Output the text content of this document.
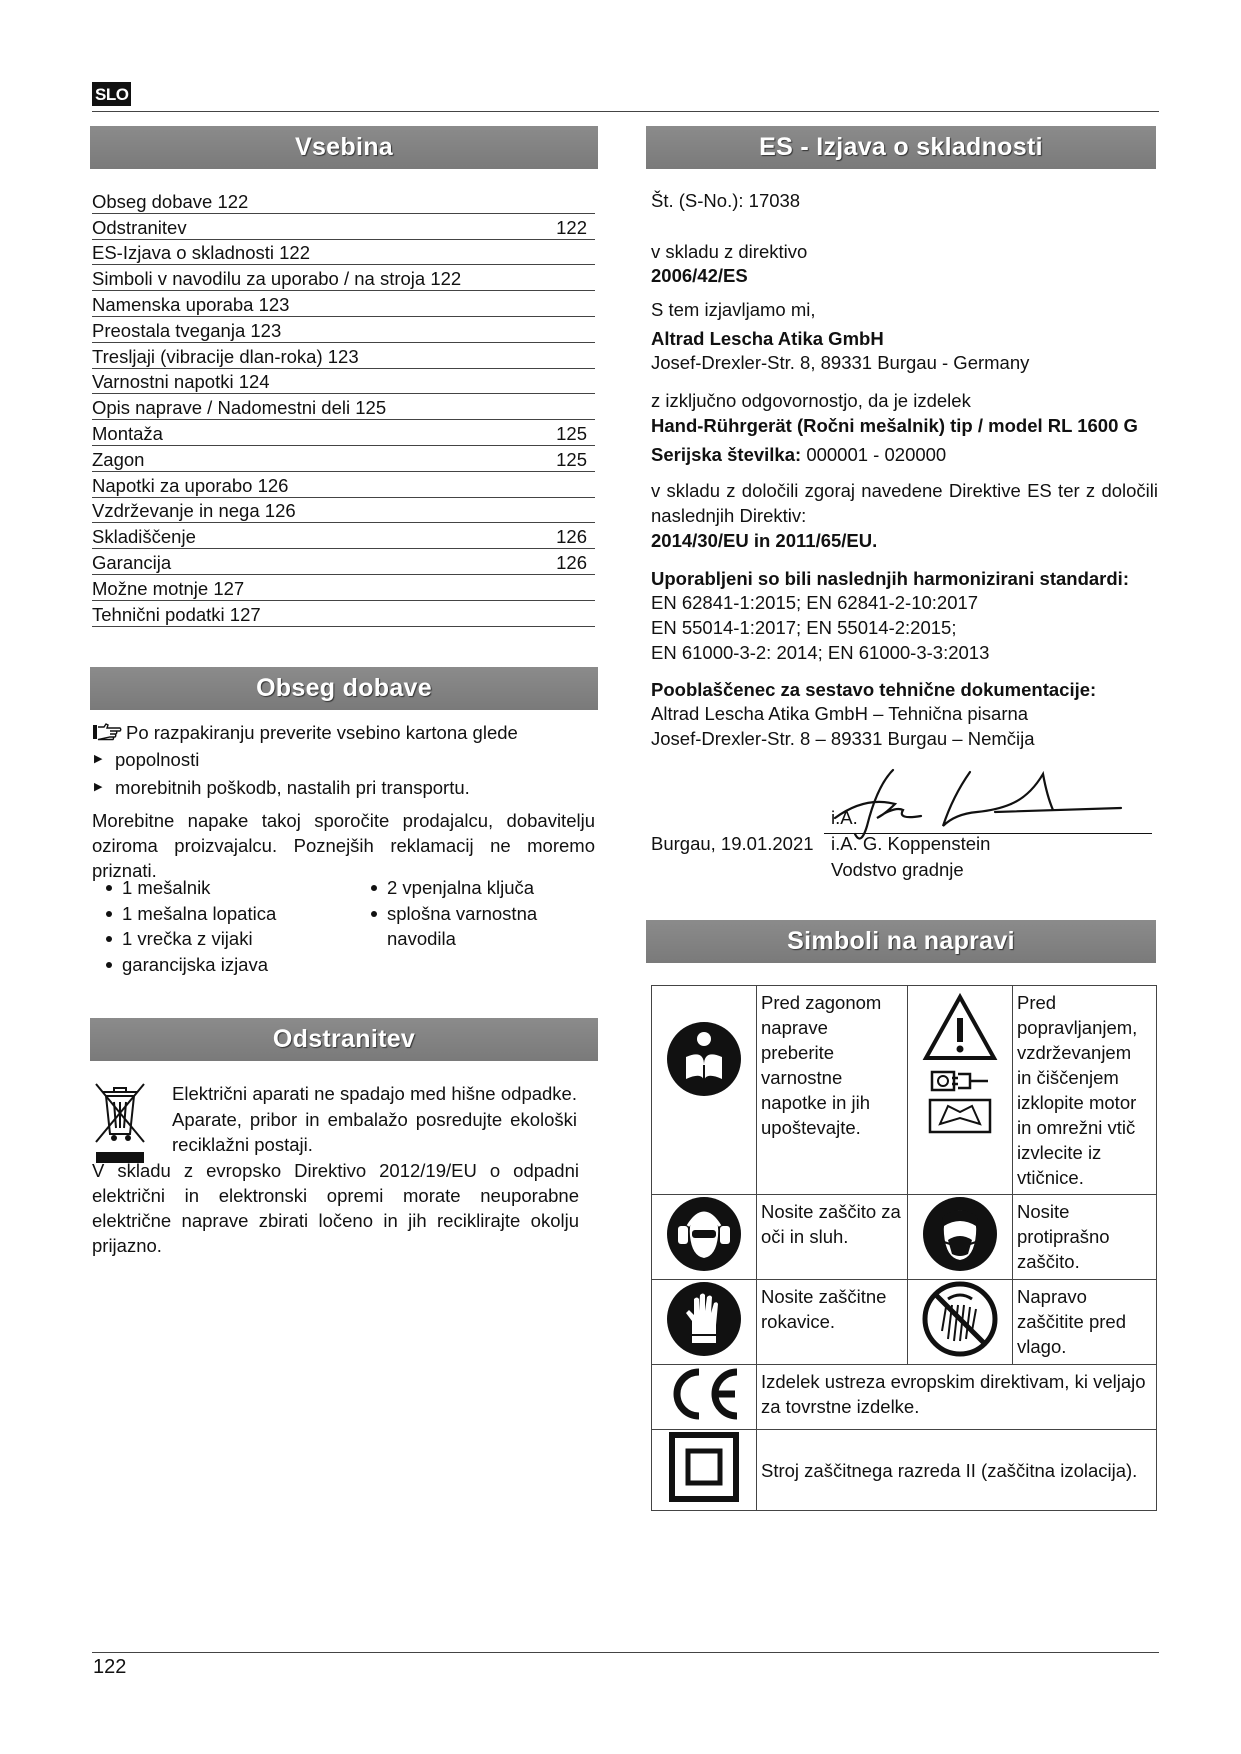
SLO
Vsebina
Obseg dobave 122
Odstranitev	122
ES-Izjava o skladnosti 122
Simboli v navodilu za uporabo / na stroja 122
Namenska uporaba 123
Preostala tveganja 123
Tresljaji (vibracije dlan-roka) 123
Varnostni napotki 124
Opis naprave / Nadomestni deli 125
Montaža	125
Zagon	125
Napotki za uporabo 126
Vzdrževanje in nega 126
Skladiščenje	126
Garancija	126
Možne motnje 127
Tehnični podatki 127
Obseg dobave
Po razpakiranju preverite vsebino kartona glede
▶ popolnosti
▶ morebitnih poškodb, nastalih pri transportu.
Morebitne napake takoj sporočite prodajalcu, dobavitelju oziroma proizvajalcu. Poznejših reklamacij ne moremo priznati.
1 mešalnik
1 mešalna lopatica
1 vrečka z vijaki
garancijska izjava
2 vpenjalna ključa
splošna varnostna navodila
Odstranitev
Električni aparati ne spadajo med hišne odpadke. Aparate, pribor in embalažo posredujte ekološki reciklažni postaji.
V skladu z evropsko Direktivo 2012/19/EU o odpadni električni in elektronski opremi morate neuporabne električne naprave zbirati ločeno in jih reciklirajte okolju prijazno.
ES - Izjava o skladnosti
Št. (S-No.): 17038
v skladu z direktivo
2006/42/ES
S tem izjavljamo mi,
Altrad Lescha Atika GmbH
Josef-Drexler-Str. 8, 89331 Burgau - Germany
z izključno odgovornostjo, da je izdelek
Hand-Rührgerät (Ročni mešalnik) tip / model RL 1600 G
Serijska številka: 000001 - 020000
v skladu z določili zgoraj navedene Direktive ES ter z določili naslednjih Direktiv:
2014/30/EU in 2011/65/EU.
Uporabljeni so bili naslednjih harmonizirani standardi:
EN 62841-1:2015; EN 62841-2-10:2017
EN 55014-1:2017; EN 55014-2:2015;
EN 61000-3-2: 2014; EN 61000-3-3:2013
Pooblaščenec za sestavo tehnične dokumentacije:
Altrad Lescha Atika GmbH – Tehnična pisarna
Josef-Drexler-Str. 8 – 89331 Burgau – Nemčija
i.A.
Burgau, 19.01.2021 i.A. G. Koppenstein
Vodstvo gradnje
Simboli na napravi
	Pred zagonom naprave preberite varnostne napotke in jih upoštevajte.		Pred popravljanjem, vzdrževanjem in čiščenjem izklopite motor in omrežni vtič izvlecite iz vtičnice.
	Nosite zaščito za oči in sluh.		Nosite protiprašno zaščito.
	Nosite zaščitne rokavice.		Napravo zaščitite pred vlago.
	Izdelek ustreza evropskim direktivam, ki veljajo za tovrstne izdelke.		
	Stroj zaščitnega razreda II (zaščitna izolacija).		
122
